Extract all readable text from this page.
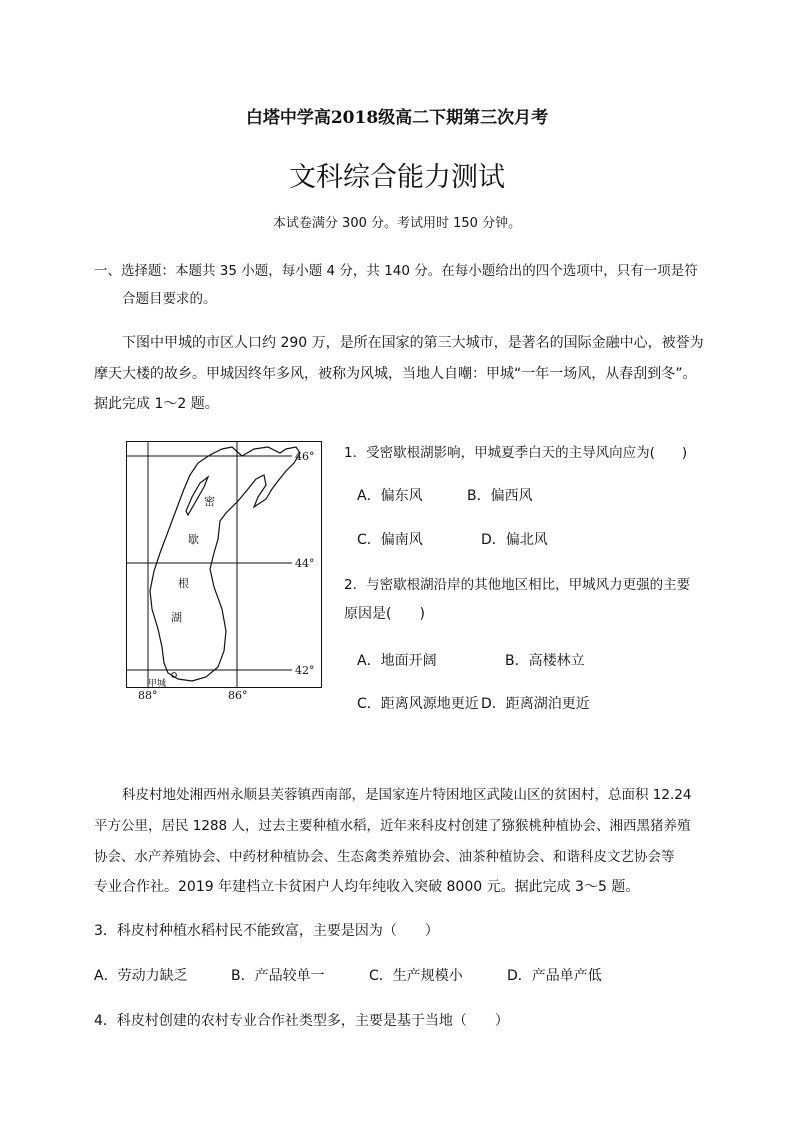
白塔中学高2018级高二下期第三次月考
文科综合能力测试
本试卷满分 300 分。考试用时 150 分钟。
一、选择题：本题共 35 小题，每小题 4 分，共 140 分。在每小题给出的四个选项中，只有一项是符
合题目要求的。
下图中甲城的市区人口约 290 万，是所在国家的第三大城市，是著名的国际金融中心，被誉为
摩天大楼的故乡。甲城因终年多风，被称为风城，当地人自嘲：甲城“一年一场风，从春刮到冬”。
据此完成 1～2 题。
46°
44°
42°
88°	86°
密
歇
根
湖
甲城
1．受密歇根湖影响，甲城夏季白天的主导风向应为(　　)
A．偏东风	B．偏西风
C．偏南风	D．偏北风
2．与密歇根湖沿岸的其他地区相比，甲城风力更强的主要
原因是(　　)
A．地面开阔	B．高楼林立
C．距离风源地更近 D．距离湖泊更近
科皮村地处湘西州永顺县芙蓉镇西南部，是国家连片特困地区武陵山区的贫困村，总面积 12.24
平方公里，居民 1288 人，过去主要种植水稻，近年来科皮村创建了猕猴桃种植协会、湘西黑猪养殖
协会、水产养殖协会、中药材种植协会、生态禽类养殖协会、油茶种植协会、和谐科皮文艺协会等
专业合作社。2019 年建档立卡贫困户人均年纯收入突破 8000 元。据此完成 3～5 题。
3．科皮村种植水稻村民不能致富，主要是因为（　　）
A．劳动力缺乏	B．产品较单一	C．生产规模小	D．产品单产低
4．科皮村创建的农村专业合作社类型多，主要是基于当地（　　）
